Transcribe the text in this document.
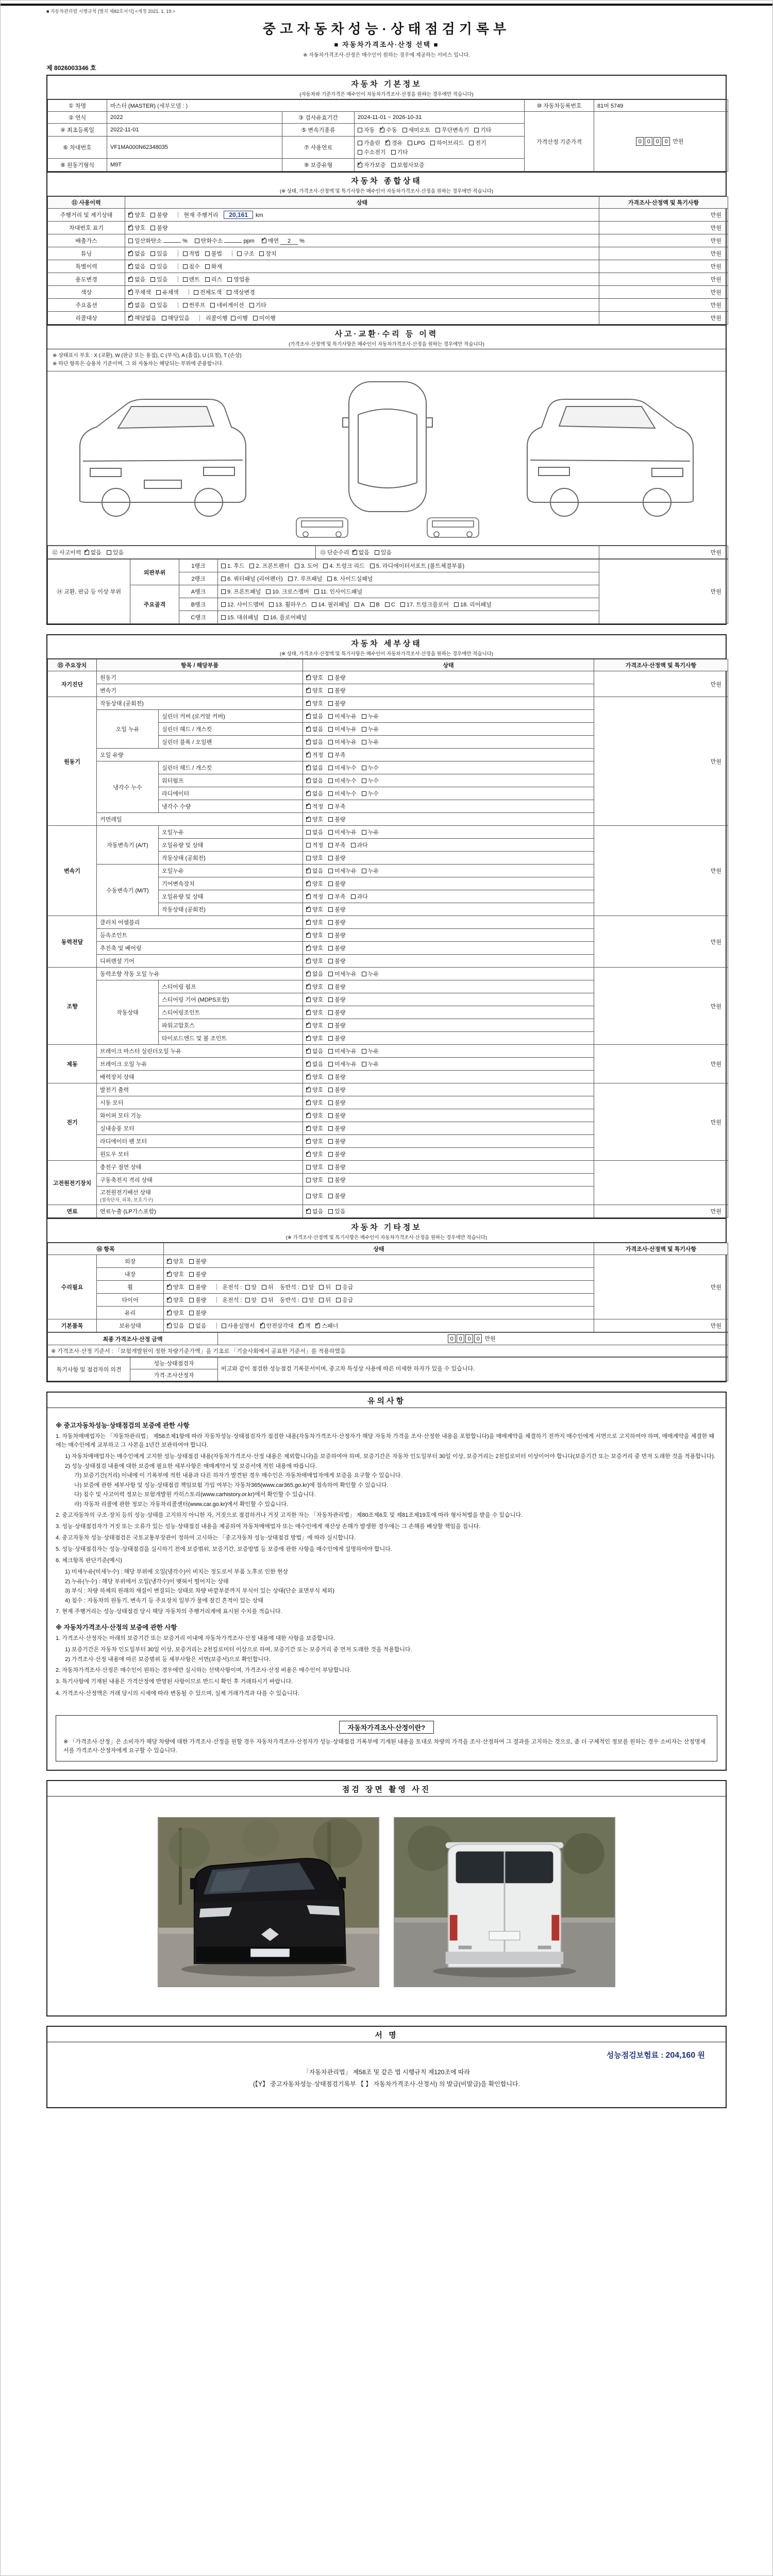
■ 자동차관리법 시행규칙 [별지 제82호서식] <개정 2021. 1. 19.>
중고자동차성능·상태점검기록부
■ 자동차가격조사·산정 선택 ■
※ 자동차가격조사·산정은 매수인이 원하는 경우에 제공하는 서비스 입니다.
제 8026003346 호
자동차 기본정보
(자동차와 기준가격은 매수인이 자동차가격조사·산정을 원하는 경우에만 적습니다)
① 차명	마스터 (MASTER) (세부모델 : )			⑩ 자동차등록번호	81머 5749
② 연식	2022	③ 검사유효기간	2024-11-01 ~ 2026-10-31	가격산정 기준가격	0 0 0 0 만원
④ 최초등록일	2022-11-01	⑤ 변속기종류	자동 ✓ 수동 세미오토 무단변속기 기타
⑥ 차대번호	VF1MA000N62348035	⑦ 사용연료	가솔린 ✓ 경유 LPG 하이브리드 전기수소전기 기타
⑧ 원동기형식	M9T	⑨ 보증유형	✓자가보증 보험사보증
자동차 종합상태
(※ 상태, 가격조사·산정액 및 특기사항은 매수인이 자동차가격조사·산정을 원하는 경우에만 적습니다)
⑪ 사용이력	상태	가격조사·산정액 및 특기사항
주행거리 및 계기상태	✓양호 불량 현재 주행거리 20,161 km	만원
차대번호 표기	✓양호 불량	만원
배출가스	일산화탄소 % 탄화수소 ppm ✓ 매연 2 %	만원
튜닝	✓없음 있음 적법 불법 구조 장치	만원
특별이력	✓없음 있음 침수 화재	만원
용도변경	✓없음 있음 렌트 리스 영업용	만원
색상	✓무채색 유채색 전체도색 색상변경	만원
주요옵션	✓없음 있음 썬루프 네비게이션 기타	만원
리콜대상	✓해당없음 해당있음 리콜이행 이행 미이행	만원
사고·교환·수리 등 이력
(가격조사·산정액 및 특기사항은 매수인이 자동차가격조사·산정을 원하는 경우에만 적습니다)
※ 상태표시 부호 : X (교환), W (판금 또는 용접), C (부식), A (흠집), U (요철), T (손상)
※ 하단 항목은 승용차 기준이며, 그 외 자동차는 해당되는 부위에 준용합니다.
⑫ 사고이력 ✓ 없음 있음	⑬ 단순수리 ✓ 없음 있음	만원
⑭ 교환, 판금 등 이상 부위	외판부위	1랭크	1. 후드 2. 프론트펜더 3. 도어 4. 트렁크 리드 5. 라디에이터서포트 (볼트체결부품)	만원
		2랭크	6. 쿼터패널 (리어펜더) 7. 루프패널 8. 사이드실패널	
	주요골격	A랭크	9. 프론트패널 10. 크로스멤버 11. 인사이드패널	
		B랭크	12. 사이드멤버 13. 휠하우스 14. 필러패널 A B C 17. 트렁크플로어 18. 리어패널	
		C랭크	15. 대쉬패널 16. 플로어패널	
자동차 세부상태
(※ 상태, 가격조사·산정액 및 특기사항은 매수인이 자동차가격조사·산정을 원하는 경우에만 적습니다)
⑮ 주요장치	항목 / 해당부품		상태	가격조사·산정액 및 특기사항
자기진단	원동기	✓양호 불량	만원
	변속기	✓양호 불량
원동기	작동상태 (공회전)	✓양호 불량	만원
	오일 누유	실린더 커버 (로커암 커버)	✓없음 미세누유 누유
		실린더 헤드 / 개스킷	✓없음 미세누유 누유
		실린더 블록 / 오일팬	✓없음 미세누유 누유
	오일 유량	✓적정 부족
	냉각수 누수	실린더 헤드 / 개스킷	✓없음 미세누수 누수
		워터펌프	✓없음 미세누수 누수
		라디에이터	✓없음 미세누수 누수
		냉각수 수량	✓적정 부족
	커먼레일	✓양호 불량
변속기	자동변속기 (A/T)	오일누유	없음 미세누유 누유	만원
		오일유량 및 상태	적정 부족 과다	
		작동상태 (공회전)	양호 불량	
	수동변속기 (M/T)	오일누유	✓없음 미세누유 누유
		기어변속장치	✓양호 불량
		오일유량 및 상태	✓적정 부족 과다
		작동상태 (공회전)	✓양호 불량
동력전달	클러치 어셈블리	✓양호 불량	만원
	등속조인트	✓양호 불량
	추진축 및 베어링	✓양호 불량
	디퍼렌셜 기어	✓양호 불량
조향	동력조향 작동 오일 누유	✓없음 미세누유 누유	만원
	작동상태	스티어링 펌프	✓양호 불량
		스티어링 기어 (MDPS포함)	✓양호 불량
		스티어링조인트	✓양호 불량
		파워고압호스	✓양호 불량
		타이로드엔드 및 볼 조인트	✓양호 불량
제동	브레이크 마스터 실린더오일 누유	✓없음 미세누유 누유	만원
	브레이크 오일 누유	✓없음 미세누유 누유
	배력장치 상태	✓양호 불량
전기	발전기 출력	✓양호 불량	만원
	시동 모터	✓양호 불량
	와이퍼 모터 기능	✓양호 불량
	실내송풍 모터	✓양호 불량
	라디에이터 팬 모터	✓양호 불량
	윈도우 모터	✓양호 불량
고전원전기장치	충전구 절연 상태		양호 불량	
	구동축전지 격리 상태		양호 불량	
	고전원전기배선 상태
(접속단자, 피복, 보호기구)		양호 불량	
연료	연료누출 (LP가스포함)	✓없음 있음	만원
자동차 기타정보
(※ 가격조사·산정액 및 특기사항은 매수인이 자동차가격조사·산정을 원하는 경우에만 적습니다)
⑯ 항목		상태	가격조사·산정액 및 특기사항
수리필요	외장	✓양호 불량	만원
	내장	✓양호 불량
	휠	✓양호 불량 운전석 : 앞 뒤 동반석 : 앞 뒤 응급
	타이어	✓양호 불량 운전석 : 앞 뒤 동반석 : 앞 뒤 응급
	유리	✓양호 불량
기본품목	보유상태	✓있음 없음 사용설명서 ✓ 안전삼각대 ✓ 잭 ✓ 스패너	만원
최종 가격조사·산정 금액	0 0 0 0 만원
※ 가격조사·산정 기준서 : 「보험개발원이 정한 차량기준가액」을 기초로 「기술사회에서 공표한 기준서」를 적용하였음
특기사항 및 점검자의 의견	성능·상태점검자	비고와 같이 점검한 성능점검 기록문서이며, 중고차 특성상 사용에 따른 미세한 하자가 있을 수 있습니다.
가격·조사산정자
유의사항
※ 중고자동차성능·상태점검의 보증에 관한 사항
1. 자동차매매업자는 「자동차관리법」 제58조제1항에 따라 자동차성능·상태점검자가 점검한 내용(자동차가격조사·산정자가 해당 자동차 가격을 조사·산정한 내용을 포함합니다)을 매매계약을 체결하기 전까지 매수인에게 서면으로 고지하여야 하며, 매매계약을 체결한 때에는 매수인에게 교부하고 그 사본을 1년간 보관하여야 합니다.
1) 자동차매매업자는 매수인에게 고지한 성능·상태점검 내용(자동차가격조사·산정 내용은 제외합니다)을 보증하여야 하며, 보증기간은 자동차 인도일부터 30일 이상, 보증거리는 2천킬로미터 이상이어야 합니다(보증기간 또는 보증거리 중 먼저 도래한 것을 적용합니다).
2) 성능·상태점검 내용에 대한 보증에 필요한 세부사항은 매매계약서 및 보증서에 적힌 내용에 따릅니다.
가) 보증기간(거리) 이내에 이 기록부에 적힌 내용과 다른 하자가 발견된 경우 매수인은 자동차매매업자에게 보증을 요구할 수 있습니다.
나) 보증에 관한 세부사항 및 성능·상태점검 책임보험 가입 여부는 자동차365(www.car365.go.kr)에 접속하여 확인할 수 있습니다.
다) 침수 및 사고이력 정보는 보험개발원 카히스토리(www.carhistory.or.kr)에서 확인할 수 있습니다.
라) 자동차 리콜에 관한 정보는 자동차리콜센터(www.car.go.kr)에서 확인할 수 있습니다.
2. 중고자동차의 구조·장치 등의 성능·상태를 고지하지 아니한 자, 거짓으로 점검하거나 거짓 고지한 자는 「자동차관리법」 제80조제6호 및 제81조제19호에 따라 형사처벌을 받을 수 있습니다.
3. 성능·상태점검자가 거짓 또는 오류가 있는 성능·상태점검 내용을 제공하여 자동차매매업자 또는 매수인에게 재산상 손해가 발생한 경우에는 그 손해를 배상할 책임을 집니다.
4. 중고자동차 성능·상태점검은 국토교통부장관이 정하여 고시하는 「중고자동차 성능·상태점검 방법」에 따라 실시합니다.
5. 성능·상태점검자는 성능·상태점검을 실시하기 전에 보증범위, 보증기간, 보증방법 등 보증에 관한 사항을 매수인에게 설명하여야 합니다.
6. 체크항목 판단기준(예시)
1) 미세누유(미세누수) : 해당 부위에 오일(냉각수)이 비치는 정도로서 부품 노후로 인한 현상
2) 누유(누수) : 해당 부위에서 오일(냉각수)이 맺혀서 떨어지는 상태
3) 부식 : 차량 하체의 원래의 재질이 변질되는 상태로 차량 바깥부분까지 부식이 있는 상태(단순 표면부식 제외)
4) 침수 : 자동차의 원동기, 변속기 등 주요장치 일부가 물에 잠긴 흔적이 있는 상태
7. 현재 주행거리는 성능·상태점검 당시 해당 자동차의 주행거리계에 표시된 수치를 적습니다.
※ 자동차가격조사·산정의 보증에 관한 사항
1. 가격조사·산정자는 아래의 보증기간 또는 보증거리 이내에 자동차가격조사·산정 내용에 대한 사항을 보증합니다.
1) 보증기간은 자동차 인도일부터 30일 이상, 보증거리는 2천킬로미터 이상으로 하며, 보증기간 또는 보증거리 중 먼저 도래한 것을 적용합니다.
2) 가격조사·산정 내용에 따른 보증범위 등 세부사항은 서면(보증서)으로 확인합니다.
2. 자동차가격조사·산정은 매수인이 원하는 경우에만 실시하는 선택사항이며, 가격조사·산정 비용은 매수인이 부담합니다.
3. 특기사항에 기재된 내용은 가격산정에 반영된 사항이므로 반드시 확인 후 거래하시기 바랍니다.
4. 가격조사·산정액은 거래 당시의 시세에 따라 변동될 수 있으며, 실제 거래가격과 다를 수 있습니다.
자동차가격조사·산정이란?
※ 「가격조사·산정」은 소비자가 해당 차량에 대한 가격조사·산정을 원할 경우 자동차가격조사·산정자가 성능·상태점검 기록부에 기재된 내용을 토대로 차량의 가격을 조사·산정하여 그 결과를 고지하는 것으로, 좀 더 구체적인 정보를 원하는 경우 소비자는 산정명세서를 가격조사·산정자에게 요구할 수 있습니다.
점검 장면 촬영 사진
서 명
성능점검보험료 : 204,160 원
「자동차관리법」 제58조 및 같은 법 시행규칙 제120조에 따라
(【Y】 중고자동차성능·상태점검기록부 【 】 자동차가격조사·산정서) 의 발급(비발급)을 확인합니다.
